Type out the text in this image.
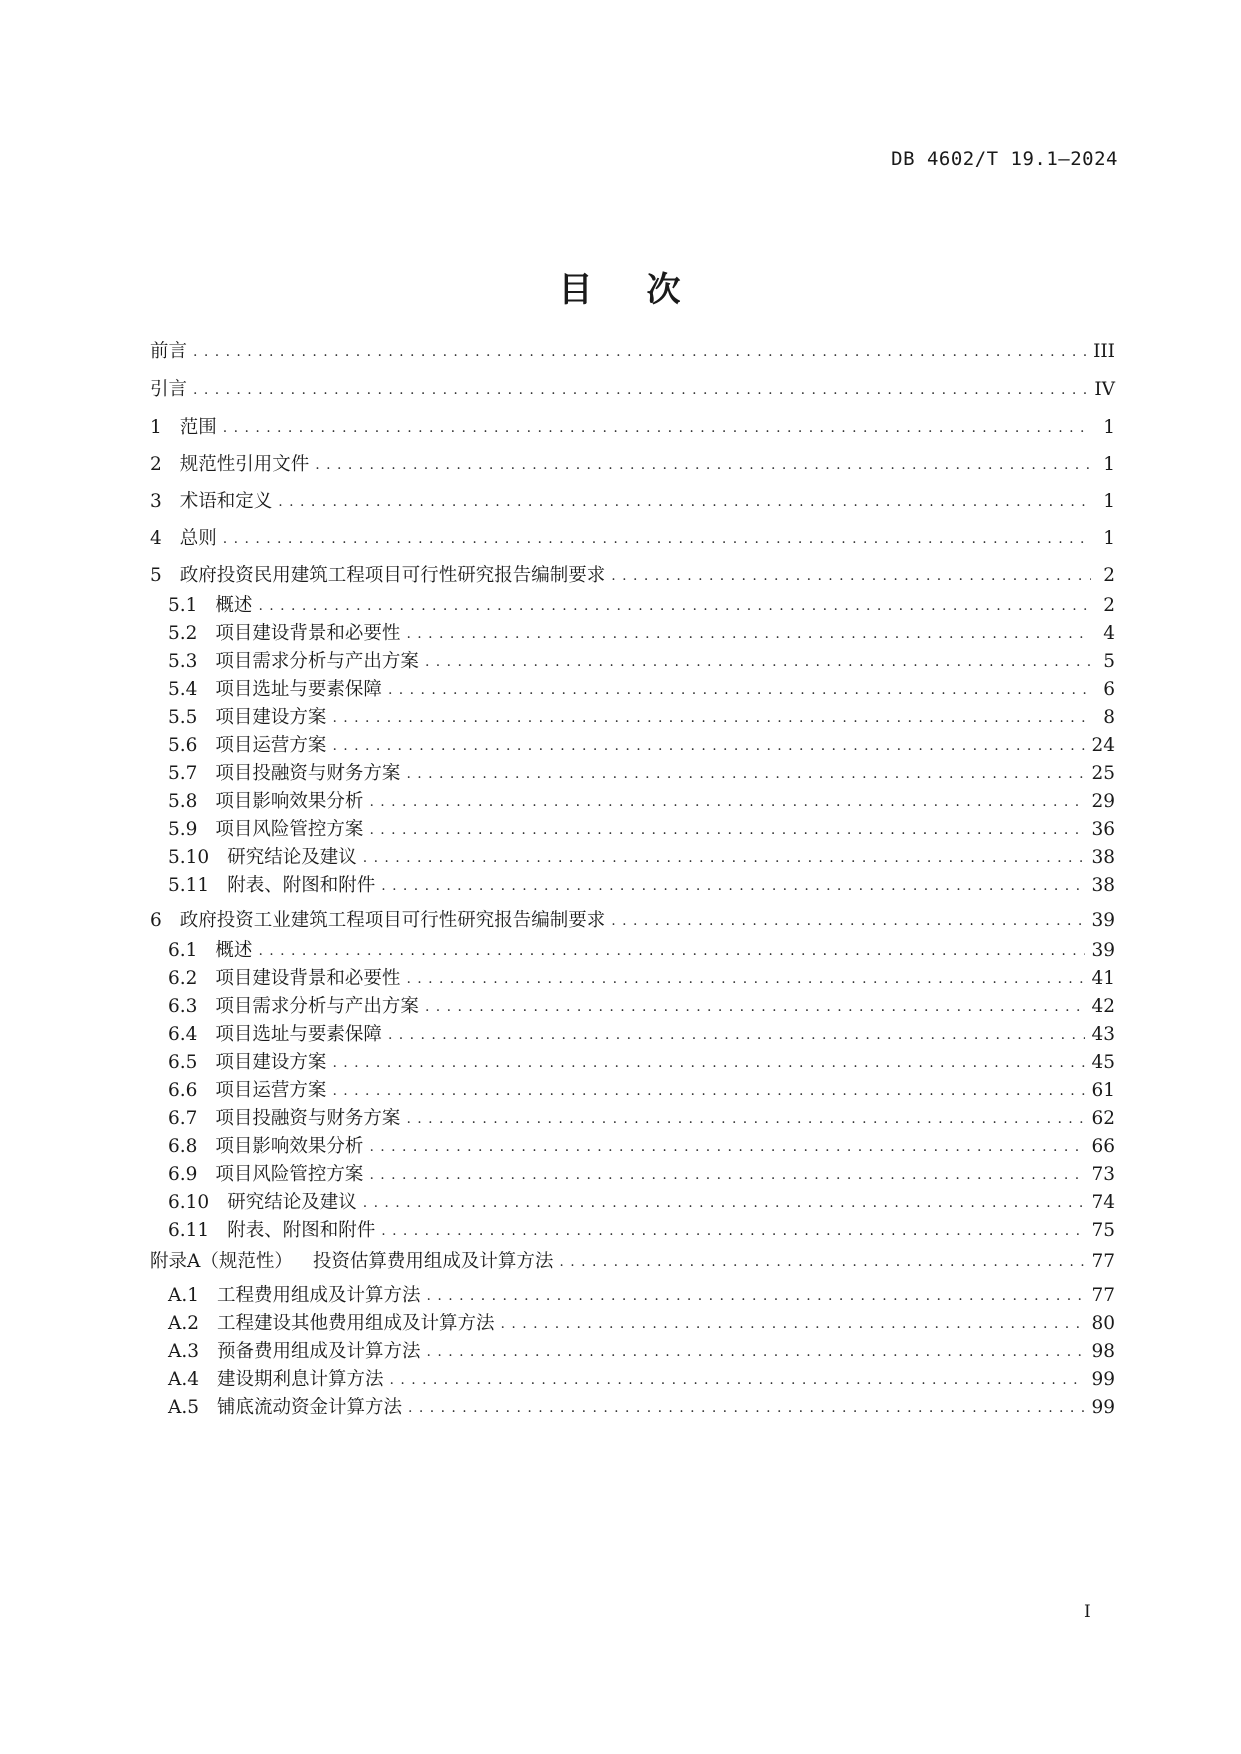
DB 4602/T 19.1—2024
目 次
前言 .....	III
引言 .....	IV
1 范围 .....	1
2 规范性引用文件 .....	1
3 术语和定义 .....	1
4 总则 .....	1
5 政府投资民用建筑工程项目可行性研究报告编制要求 .....	2
5.1 概述 .....	2
5.2 项目建设背景和必要性 .....	4
5.3 项目需求分析与产出方案 .....	5
5.4 项目选址与要素保障 .....	6
5.5 项目建设方案 .....	8
5.6 项目运营方案 .....	24
5.7 项目投融资与财务方案 .....	25
5.8 项目影响效果分析 .....	29
5.9 项目风险管控方案 .....	36
5.10 研究结论及建议 .....	38
5.11 附表、附图和附件 .....	38
6 政府投资工业建筑工程项目可行性研究报告编制要求 .....	39
6.1 概述 .....	39
6.2 项目建设背景和必要性 .....	41
6.3 项目需求分析与产出方案 .....	42
6.4 项目选址与要素保障 .....	43
6.5 项目建设方案 .....	45
6.6 项目运营方案 .....	61
6.7 项目投融资与财务方案 .....	62
6.8 项目影响效果分析 .....	66
6.9 项目风险管控方案 .....	73
6.10 研究结论及建议 .....	74
6.11 附表、附图和附件 .....	75
附录A（规范性） 投资估算费用组成及计算方法 .....	77
A.1 工程费用组成及计算方法 .....	77
A.2 工程建设其他费用组成及计算方法 .....	80
A.3 预备费用组成及计算方法 .....	98
A.4 建设期利息计算方法 .....	99
A.5 铺底流动资金计算方法 .....	99
I
